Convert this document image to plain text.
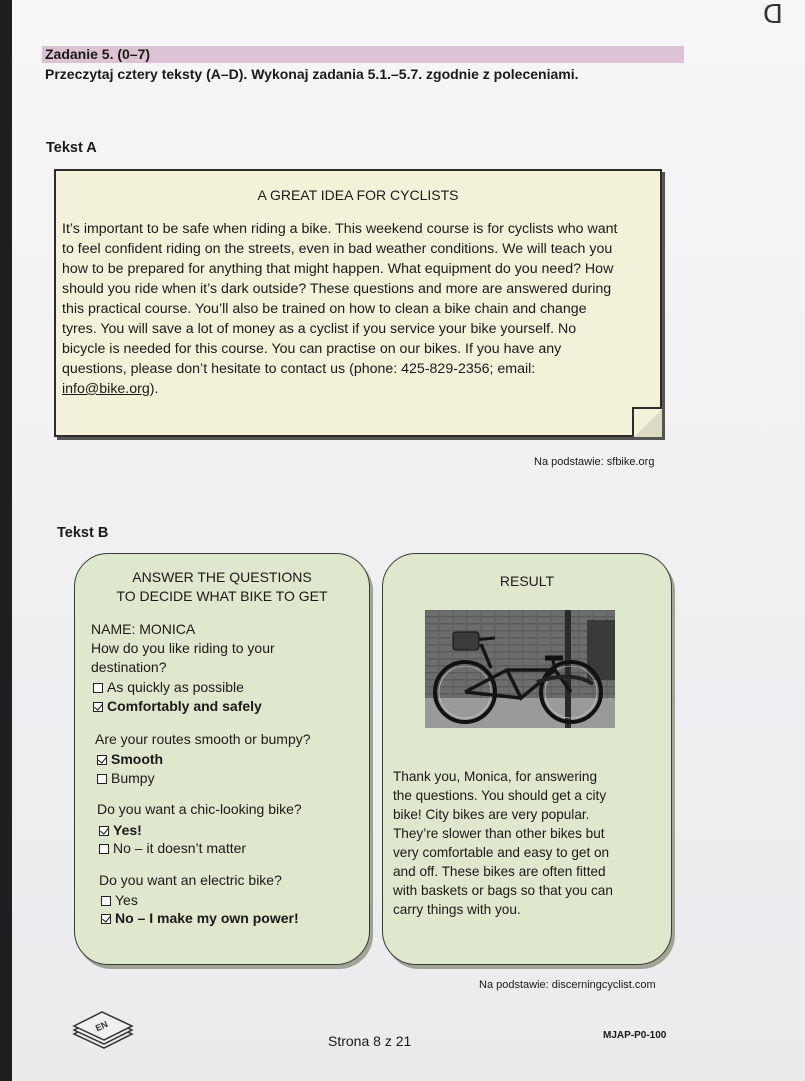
ᗡ
Zadanie 5. (0–7)
Przeczytaj cztery teksty (A–D). Wykonaj zadania 5.1.–5.7. zgodnie z poleceniami.
Tekst A
A GREAT IDEA FOR CYCLISTS
It’s important to be safe when riding a bike. This weekend course is for cyclists who want
to feel confident riding on the streets, even in bad weather conditions. We will teach you
how to be prepared for anything that might happen. What equipment do you need? How
should you ride when it’s dark outside? These questions and more are answered during
this practical course. You’ll also be trained on how to clean a bike chain and change
tyres. You will save a lot of money as a cyclist if you service your bike yourself. No
bicycle is needed for this course. You can practise on our bikes. If you have any
questions, please don’t hesitate to contact us (phone: 425-829-2356; email:
info@bike.org).
Na podstawie: sfbike.org
Tekst B
ANSWER THE QUESTIONS
TO DECIDE WHAT BIKE TO GET
NAME: MONICA
How do you like riding to your
destination?
As quickly as possible
Comfortably and safely
Are your routes smooth or bumpy?
Smooth
Bumpy
Do you want a chic-looking bike?
Yes!
No – it doesn’t matter
Do you want an electric bike?
Yes
No – I make my own power!
RESULT
Thank you, Monica, for answering
the questions. You should get a city
bike! City bikes are very popular.
They’re slower than other bikes but
very comfortable and easy to get on
and off. These bikes are often fitted
with baskets or bags so that you can
carry things with you.
Na podstawie: discerningcyclist.com
EN
Strona 8 z 21	MJAP-P0-100
